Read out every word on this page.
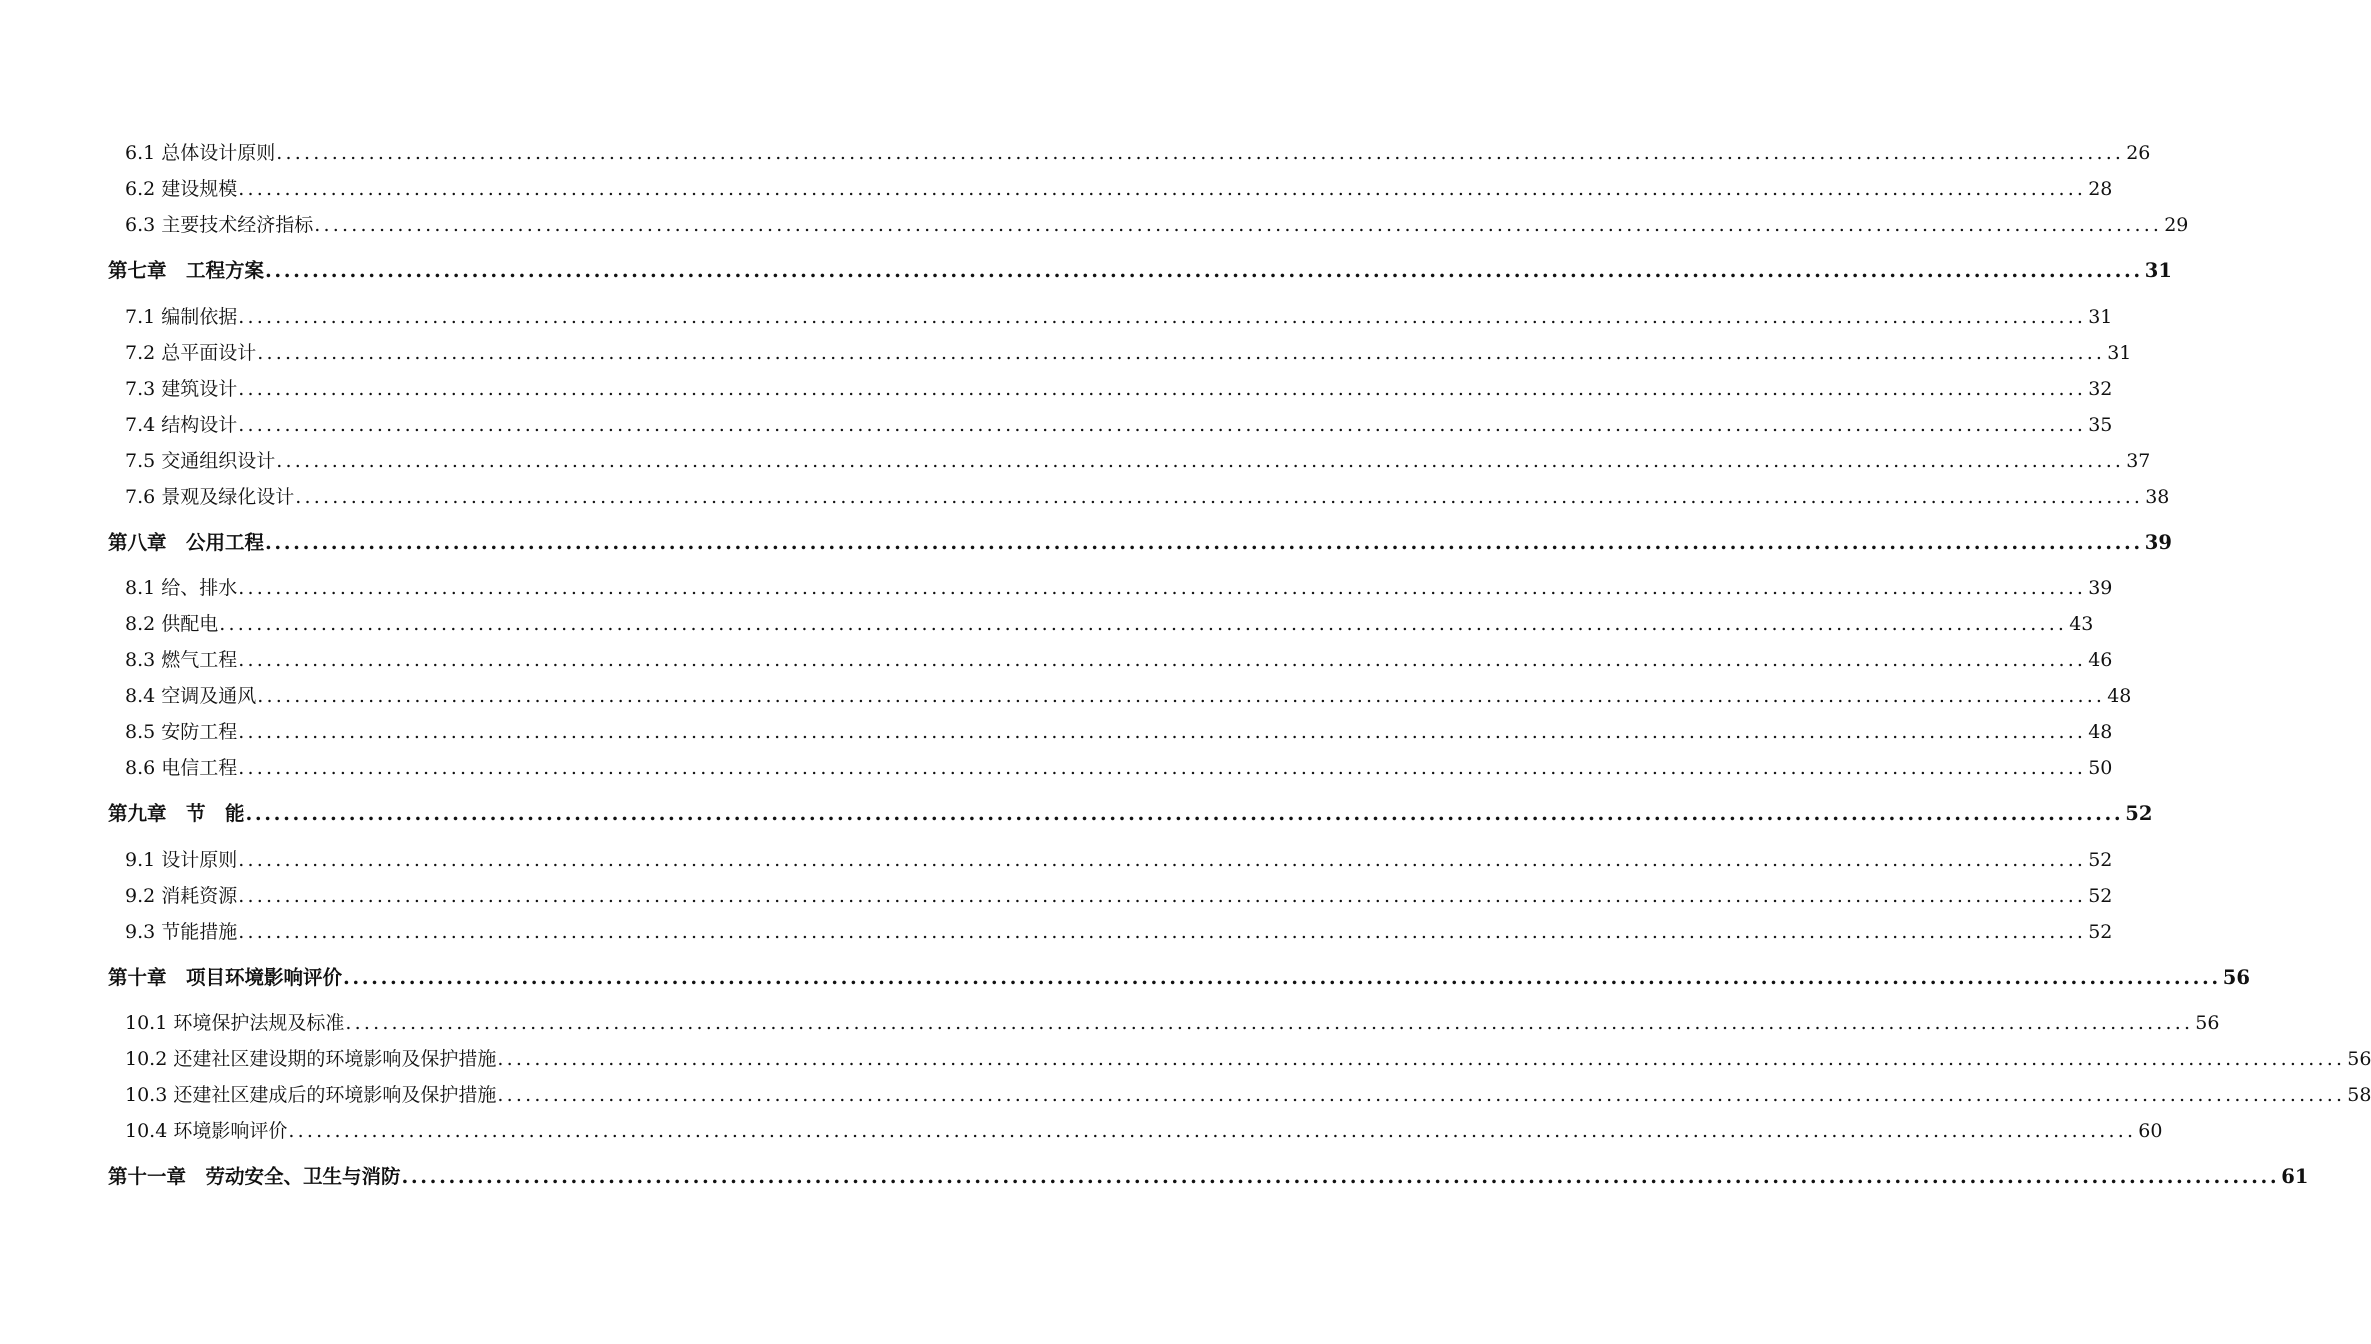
6.1 总体设计原则 ........................................................................................................................................................................................................ 26
6.2 建设规模 ........................................................................................................................................................................................................ 28
6.3 主要技术经济指标 ........................................................................................................................................................................................................ 29
第七章　工程方案 ........................................................................................................................................................................................................ 31
7.1 编制依据 ........................................................................................................................................................................................................ 31
7.2 总平面设计 ........................................................................................................................................................................................................ 31
7.3 建筑设计 ........................................................................................................................................................................................................ 32
7.4 结构设计 ........................................................................................................................................................................................................ 35
7.5 交通组织设计 ........................................................................................................................................................................................................ 37
7.6 景观及绿化设计 ........................................................................................................................................................................................................ 38
第八章　公用工程 ........................................................................................................................................................................................................ 39
8.1 给、排水 ........................................................................................................................................................................................................ 39
8.2 供配电 ........................................................................................................................................................................................................ 43
8.3 燃气工程 ........................................................................................................................................................................................................ 46
8.4 空调及通风 ........................................................................................................................................................................................................ 48
8.5 安防工程 ........................................................................................................................................................................................................ 48
8.6 电信工程 ........................................................................................................................................................................................................ 50
第九章　节　能 ........................................................................................................................................................................................................ 52
9.1 设计原则 ........................................................................................................................................................................................................ 52
9.2 消耗资源 ........................................................................................................................................................................................................ 52
9.3 节能措施 ........................................................................................................................................................................................................ 52
第十章　项目环境影响评价 ........................................................................................................................................................................................................ 56
10.1 环境保护法规及标准 ........................................................................................................................................................................................................ 56
10.2 还建社区建设期的环境影响及保护措施 ........................................................................................................................................................................................................ 56
10.3 还建社区建成后的环境影响及保护措施 ........................................................................................................................................................................................................ 58
10.4 环境影响评价 ........................................................................................................................................................................................................ 60
第十一章　劳动安全、卫生与消防 ........................................................................................................................................................................................................ 61
